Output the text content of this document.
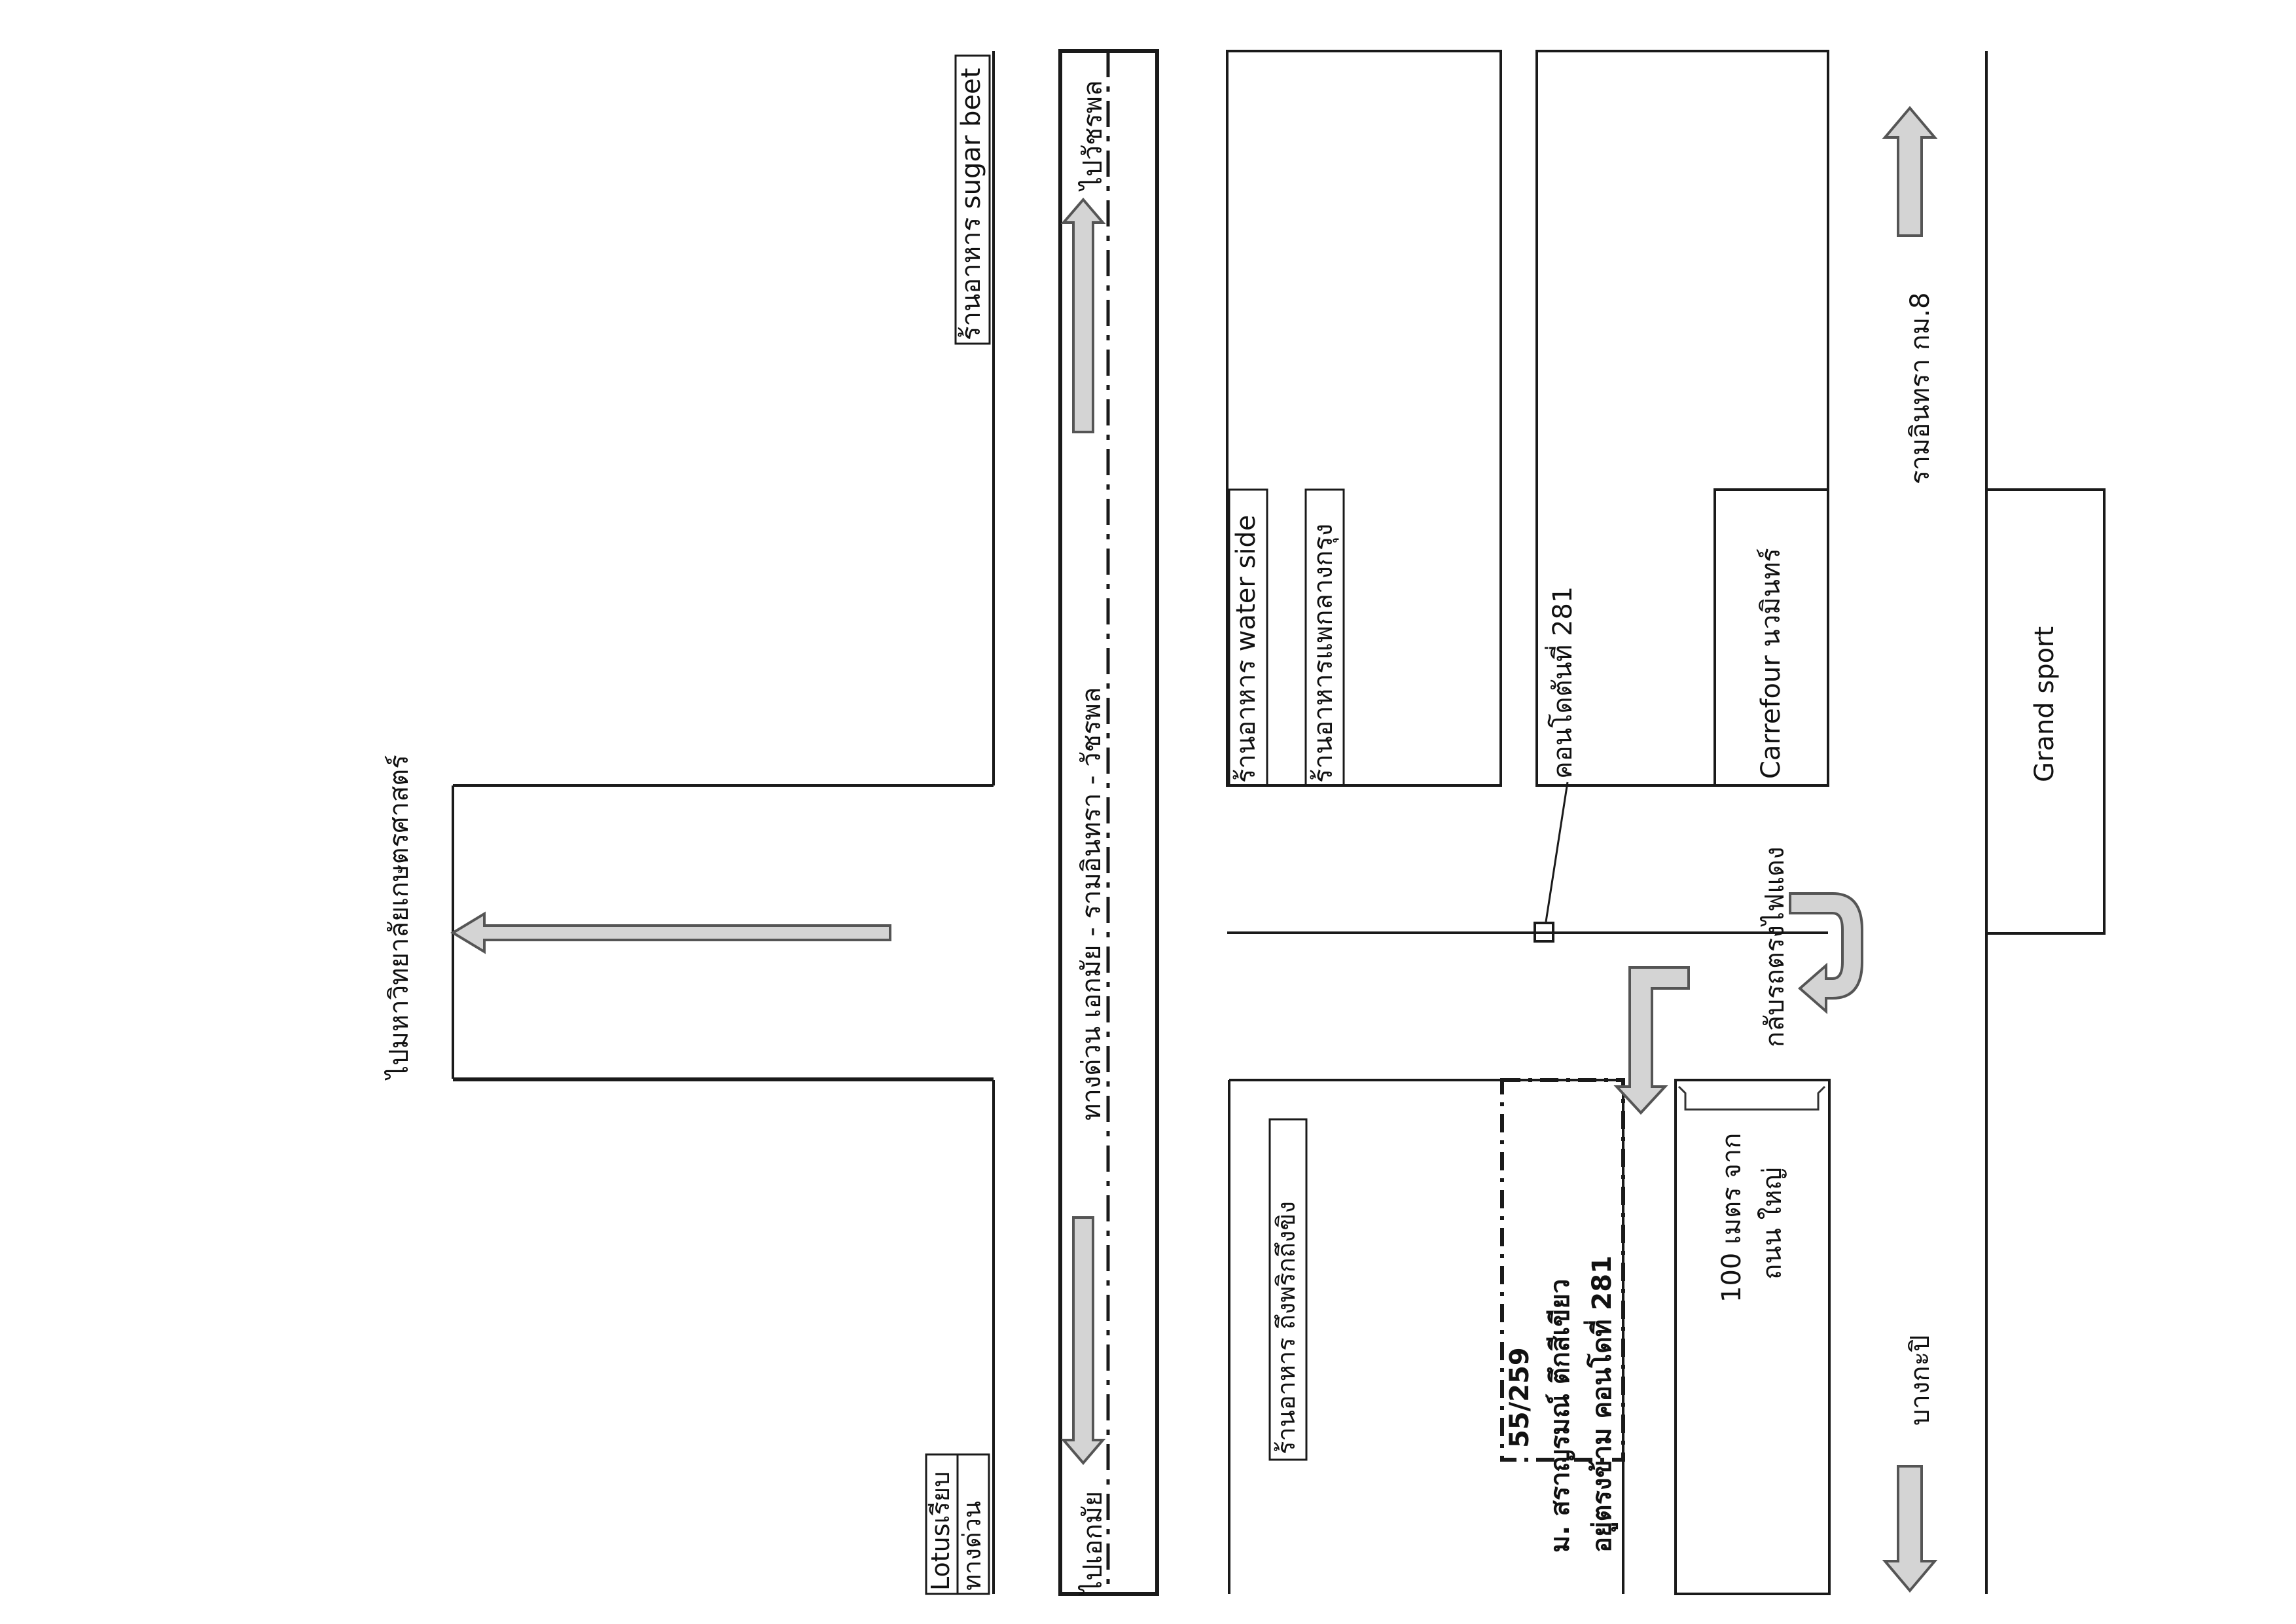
ไปมหาวิทยาลัยเกษตรศาสตร์
ร้านอาหาร sugar beet
ทางด่วน เอกมัย - รามอินทรา - วัชรพล
ไปวัชรพล
ไปเอกมัย
Lotusเรียบ ทางด่วน
ร้านอาหาร water side ร้านอาหารแพกลางกรุง	คอนโดตันที่ 281	Carrefour นวมินทร์	Grand sport
รามอินทรา กม.8
บางกะปิ
กลับรถตรงไฟแดง
100 เมตร จาก ถนน ใหญ่
ร้านอาหาร ถึงพริกถึงขิง	55/259 ม. สราญรมณ์ ตึกสีเขียว อยู่ตรงข้าม คอนโดที่ 281
